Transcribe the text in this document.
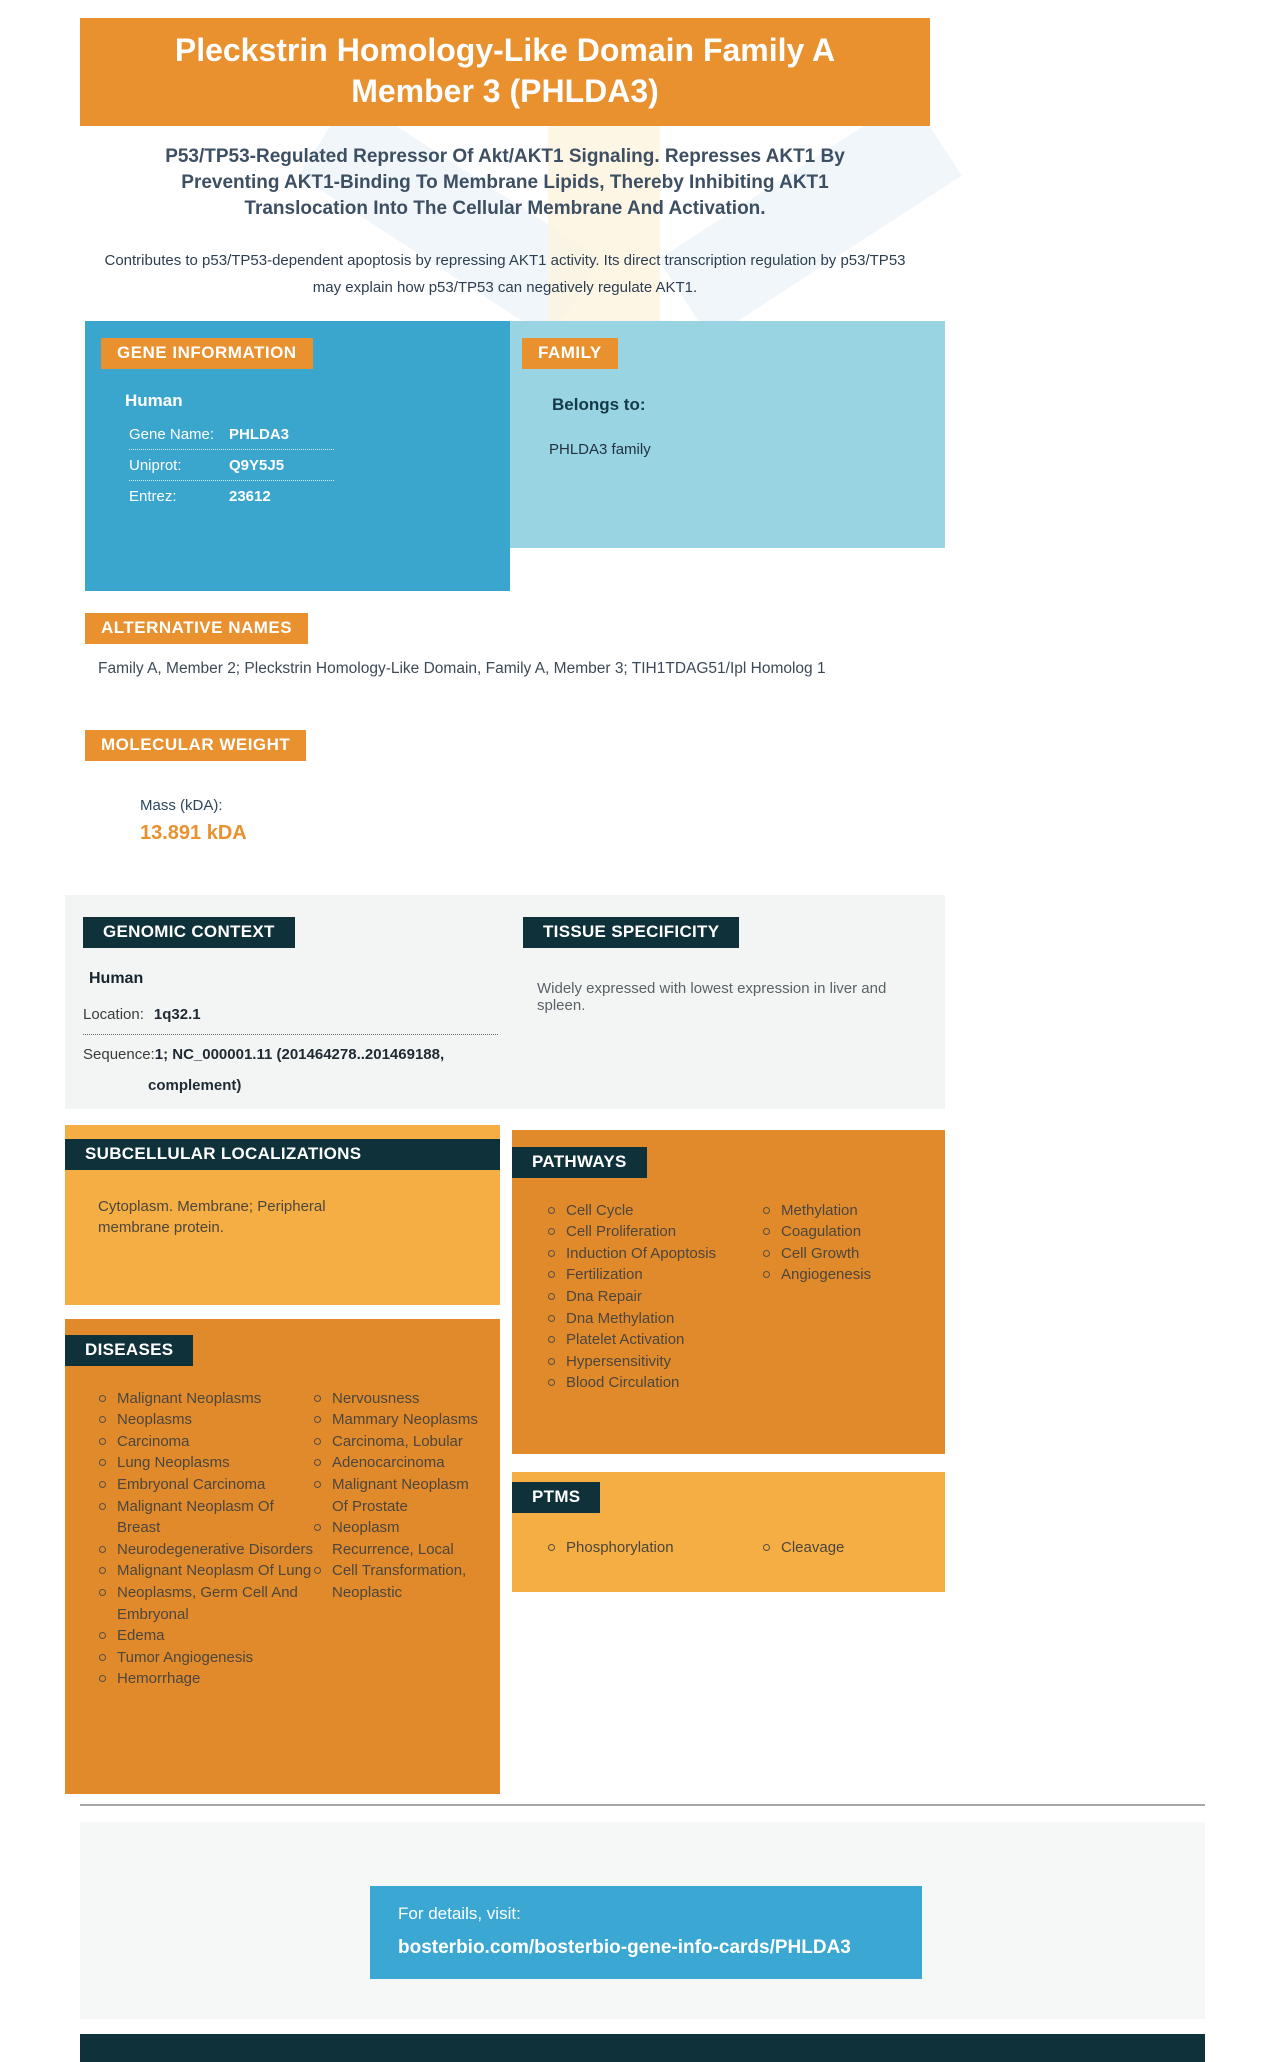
Pleckstrin Homology-Like Domain Family A Member 3 (PHLDA3)
P53/TP53-Regulated Repressor Of Akt/AKT1 Signaling. Represses AKT1 By Preventing AKT1-Binding To Membrane Lipids, Thereby Inhibiting AKT1 Translocation Into The Cellular Membrane And Activation.

Contributes to p53/TP53-dependent apoptosis by repressing AKT1 activity. Its direct transcription regulation by p53/TP53 may explain how p53/TP53 can negatively regulate AKT1.

GENE INFORMATION
Human
Gene Name: PHLDA3
Uniprot:	Q9Y5J5
Entrez:	23612
FAMILY
Belongs to:
PHLDA3 family
ALTERNATIVE NAMES

Family A, Member 2; Pleckstrin Homology-Like Domain, Family A, Member 3; TIH1TDAG51/Ipl Homolog 1

MOLECULAR WEIGHT
Mass (kDA):
13.891 kDA
GENOMIC CONTEXT
Human
Location: 1q32.1
Sequence:1; NC_000001.11 (201464278..201469188,
complement)
TISSUE SPECIFICITY

Widely expressed with lowest expression in liver and spleen.

SUBCELLULAR LOCALIZATIONS

Cytoplasm. Membrane; Peripheral membrane protein.

DISEASES
Malignant Neoplasms
Neoplasms
Carcinoma
Lung Neoplasms
Embryonal Carcinoma
Malignant Neoplasm Of Breast
Neurodegenerative Disorders
Malignant Neoplasm Of Lung
Neoplasms, Germ Cell And Embryonal
Edema
Tumor Angiogenesis
Hemorrhage
Nervousness
Mammary Neoplasms
Carcinoma, Lobular
Adenocarcinoma
Malignant Neoplasm Of Prostate
Neoplasm Recurrence, Local
Cell Transformation, Neoplastic
PATHWAYS
Cell Cycle
Cell Proliferation
Induction Of Apoptosis
Fertilization
Dna Repair
Dna Methylation
Platelet Activation
Hypersensitivity
Blood Circulation
Methylation
Coagulation
Cell Growth
Angiogenesis
PTMS
Phosphorylation	Cleavage
For details, visit:
bosterbio.com/bosterbio-gene-info-cards/PHLDA3
